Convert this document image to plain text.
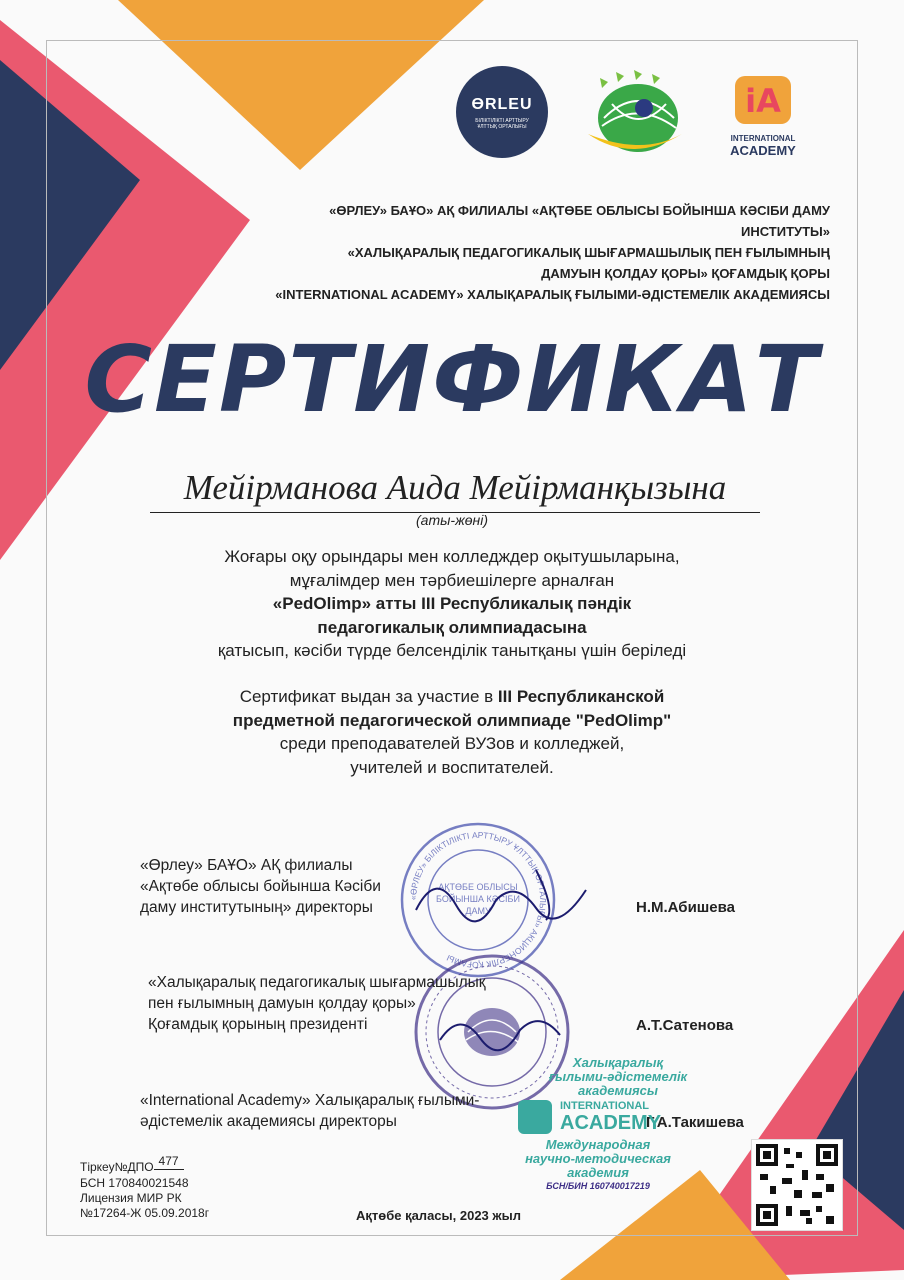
ӨRLEU
БІЛІКТІЛІКТІ АРТТЫРУ
ҰЛТТЫҚ ОРТАЛЫҒЫ
iA
INTERNATIONAL
ACADEMY
«ӨРЛЕУ» БАҰО» АҚ ФИЛИАЛЫ «АҚТӨБЕ ОБЛЫСЫ БОЙЫНША КӘСІБИ ДАМУ ИНСТИТУТЫ»
«ХАЛЫҚАРАЛЫҚ ПЕДАГОГИКАЛЫҚ ШЫҒАРМАШЫЛЫҚ ПЕН ҒЫЛЫМНЫҢ
ДАМУЫН ҚОЛДАУ ҚОРЫ» ҚОҒАМДЫҚ ҚОРЫ
«INTERNATIONAL ACADEMY» ХАЛЫҚАРАЛЫҚ ҒЫЛЫМИ-ӘДІСТЕМЕЛІК АКАДЕМИЯСЫ
СЕРТИФИКАТ
Мейірманова Аида Мейірманқызына
(аты-жөні)
Жоғары оқу орындары мен колледждер оқытушыларына,
мұғалімдер мен тәрбиешілерге арналған
«PedOlimp» атты III Республикалық пәндік
педагогикалық олимпиадасына
қатысып, кәсіби түрде белсенділік танытқаны үшін беріледі
Сертификат выдан за участие в III Республиканской
предметной педагогической олимпиаде "PedOlimp"
среди преподавателей ВУЗов и колледжей,
учителей и воспитателей.
«ӨРЛЕУ» БІЛІКТІЛІКТІ АРТТЫРУ ҰЛТТЫҚ ОРТАЛЫҒЫ» АКЦИОНЕРЛІК ҚОҒАМЫ
АҚТӨБЕ ОБЛЫСЫ
БОЙЫНША КӘСІБИ
ДАМУ
«Өрлеу» БАҰО» АҚ филиалы
«Ақтөбе облысы бойынша Кәсіби
даму институтының» директоры	Н.М.Абишева
«Халықаралық педагогикалық шығармашылық
пен ғылымның дамуын қолдау қоры»
Қоғамдық қорының президенті	А.Т.Сатенова
«International Academy» Халықаралық ғылыми-
әдістемелік академиясы директоры	Г.А.Такишева
Халықаралық
ғылыми-әдістемелік
академиясы
INTERNATIONAL
ACADEMY
Международная
научно-методическая
академия
БСН/БИН 160740017219
Тіркеу№ДПО 477
БСН 170840021548
Лицензия МИР РК
№17264-Ж 05.09.2018г	Ақтөбе қаласы, 2023 жыл
